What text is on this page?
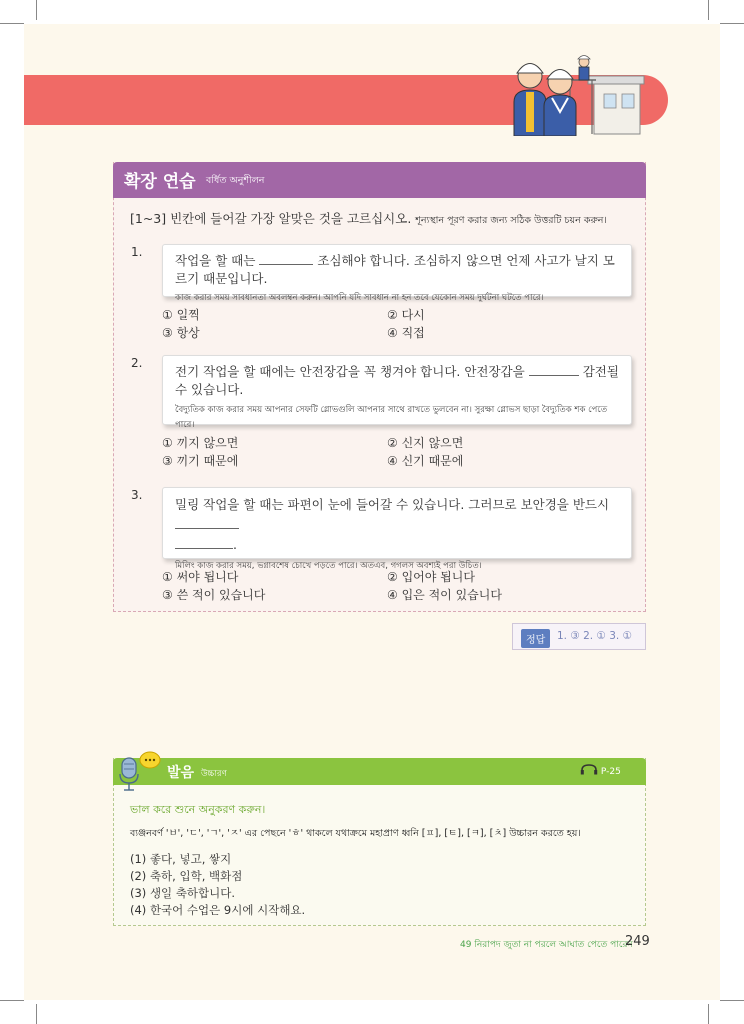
확장 연습 বর্ধিত অনুশীলন
[1~3] 빈칸에 들어갈 가장 알맞은 것을 고르십시오. শূন্যস্থান পূরণ করার জন্য সঠিক উত্তরটি চয়ন করুন।
1.
작업을 할 때는	조심해야 합니다. 조심하지 않으면 언제 사고가 날지 모르기 때문입니다.
কাজ করার সময় সাবধানতা অবলম্বন করুন। আপনি যদি সাবধান না হন তবে যেকোন সময় দুর্ঘটনা ঘটতে পারে।
① 일찍	② 다시
③ 항상	④ 직접
2.
전기 작업을 할 때에는 안전장갑을 꼭 챙겨야 합니다. 안전장갑을	감전될 수 있습니다.
বৈদ্যুতিক কাজ করার সময় আপনার সেফটি গ্লোভগুলি আপনার সাথে রাখতে ভুলবেন না। সুরক্ষা গ্লোভস ছাড়া বৈদ্যুতিক শক পেতে পারে।
① 끼지 않으면	② 신지 않으면
③ 끼기 때문에	④ 신기 때문에
3.
밀링 작업을 할 때는 파편이 눈에 들어갈 수 있습니다. 그러므로 보안경을 반드시
.
মিলিং কাজ করার সময়, ভগ্নাবশেষ চোখে পড়তে পারে। অতএব, গগলস অবশ্যই পরা উচিত।
① 써야 됩니다	② 입어야 됩니다
③ 쓴 적이 있습니다	④ 입은 적이 있습니다
정답	1. ③ 2. ① 3. ①
발음 উচ্চারণ	P-25
ভাল করে শুনে অনুকরণ করুন।
ব্যঞ্জনবর্ণ 'ㅂ', 'ㄷ', 'ㄱ', 'ㅈ' এর পেছনে 'ㅎ' থাকলে যথাক্রমে মহাপ্রাণ ধ্বনি [ㅍ], [ㅌ], [ㅋ], [ㅊ] উচ্চারন করতে হয়।
(1) 좋다, 넣고, 쌓지
(2) 축하, 입학, 백화점
(3) 생일 축하합니다.
(4) 한국어 수업은 9시에 시작해요.
49 নিরাপদ জুতা না পরলে আঘাত পেতে পারেন
249
